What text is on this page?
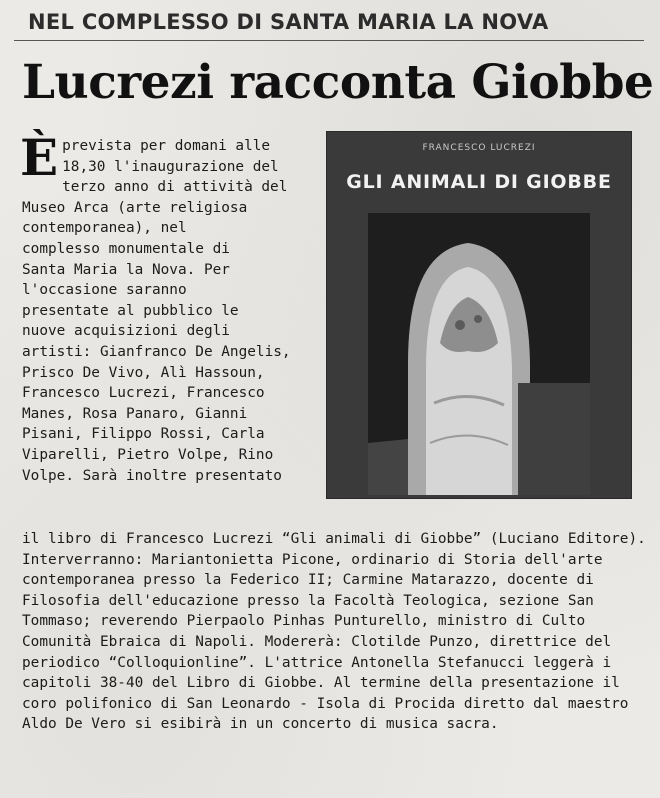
NEL COMPLESSO DI SANTA MARIA LA NOVA
Lucrezi racconta Giobbe
È prevista per domani alle
18,30 l'inaugurazione del
terzo anno di attività del
Museo Arca (arte religiosa
contemporanea), nel
complesso monumentale di
Santa Maria la Nova. Per
l'occasione saranno
presentate al pubblico le
nuove acquisizioni degli
artisti: Gianfranco De Angelis,
Prisco De Vivo, Alì Hassoun,
Francesco Lucrezi, Francesco
Manes, Rosa Panaro, Gianni
Pisani, Filippo Rossi, Carla
Viparelli, Pietro Volpe, Rino
Volpe. Sarà inoltre presentato
FRANCESCO LUCREZI
GLI ANIMALI DI GIOBBE
il libro di Francesco Lucrezi “Gli animali di Giobbe” (Luciano Editore).
Interverranno: Mariantonietta Picone, ordinario di Storia dell'arte
contemporanea presso la Federico II; Carmine Matarazzo, docente di
Filosofia dell'educazione presso la Facoltà Teologica, sezione San
Tommaso; reverendo Pierpaolo Pinhas Punturello, ministro di Culto
Comunità Ebraica di Napoli. Modererà: Clotilde Punzo, direttrice del
periodico “Colloquionline”. L'attrice Antonella Stefanucci leggerà i
capitoli 38-40 del Libro di Giobbe. Al termine della presentazione il
coro polifonico di San Leonardo - Isola di Procida diretto dal maestro
Aldo De Vero si esibirà in un concerto di musica sacra.
